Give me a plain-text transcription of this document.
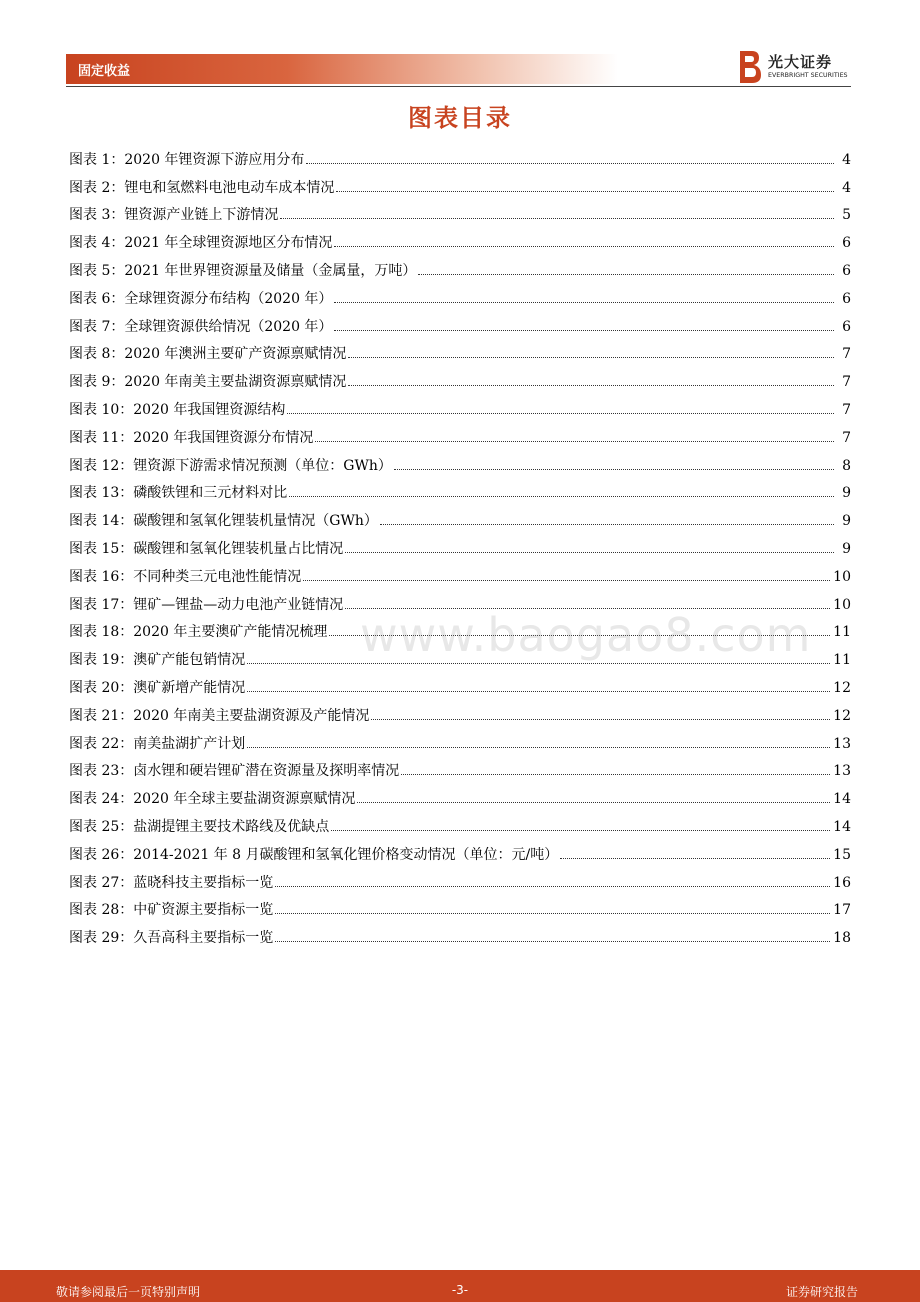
固定收益
光大证券
EVERBRIGHT SECURITIES
图表目录
图表 1：2020 年锂资源下游应用分布	4
图表 2：锂电和氢燃料电池电动车成本情况	4
图表 3：锂资源产业链上下游情况	5
图表 4：2021 年全球锂资源地区分布情况	6
图表 5：2021 年世界锂资源量及储量（金属量，万吨）	6
图表 6：全球锂资源分布结构（2020 年）	6
图表 7：全球锂资源供给情况（2020 年）	6
图表 8：2020 年澳洲主要矿产资源禀赋情况	7
图表 9：2020 年南美主要盐湖资源禀赋情况	7
图表 10：2020 年我国锂资源结构	7
图表 11：2020 年我国锂资源分布情况	7
图表 12：锂资源下游需求情况预测（单位：GWh）	8
图表 13：磷酸铁锂和三元材料对比	9
图表 14：碳酸锂和氢氧化锂装机量情况（GWh）	9
图表 15：碳酸锂和氢氧化锂装机量占比情况	9
图表 16：不同种类三元电池性能情况	10
图表 17：锂矿—锂盐—动力电池产业链情况	10
图表 18：2020 年主要澳矿产能情况梳理	11
图表 19：澳矿产能包销情况	11
图表 20：澳矿新增产能情况	12
图表 21：2020 年南美主要盐湖资源及产能情况	12
图表 22：南美盐湖扩产计划	13
图表 23：卤水锂和硬岩锂矿潜在资源量及探明率情况	13
图表 24：2020 年全球主要盐湖资源禀赋情况	14
图表 25：盐湖提锂主要技术路线及优缺点	14
图表 26：2014-2021 年 8 月碳酸锂和氢氧化锂价格变动情况（单位：元/吨）	15
图表 27：蓝晓科技主要指标一览	16
图表 28：中矿资源主要指标一览	17
图表 29：久吾高科主要指标一览	18
www.baogao8.com
敬请参阅最后一页特别声明	-3-	证券研究报告
